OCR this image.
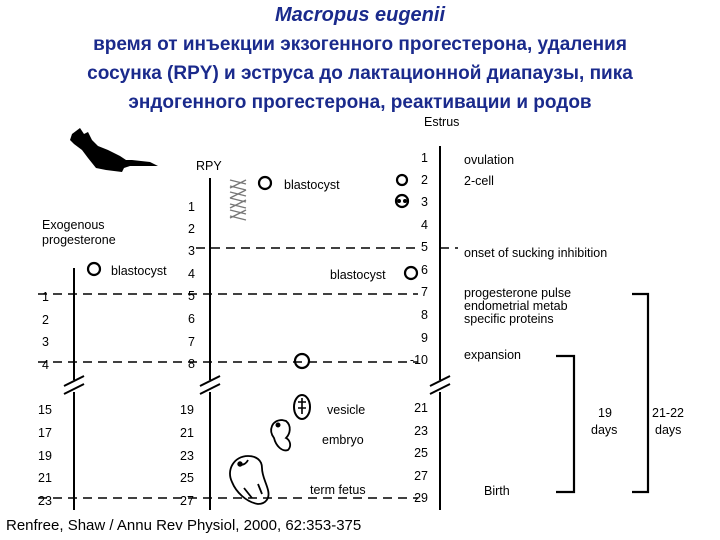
Macropus eugenii
время от инъекции экзогенного прогестерона, удаления
сосунка (RPY) и эструса до лактационной диапаузы, пика
эндогенного прогестерона, реактивации и родов
Exogenous
progesterone
1
2
3
4
15
17
19
21
23
blastocyst
RPY
1
2
3
4
5
6
7
8
19
21
23
25
27
blastocyst
blastocyst
vesicle
embryo
term fetus
Estrus
1
2
3
4
5
6
7
8
9
-10
21
23
25
27
29
ovulation
2-cell
onset of sucking inhibition
progesterone pulse
endometrial metab
specific proteins
expansion
Birth
19
days
21-22
days
Renfree, Shaw / Annu Rev Physiol, 2000, 62:353-375
